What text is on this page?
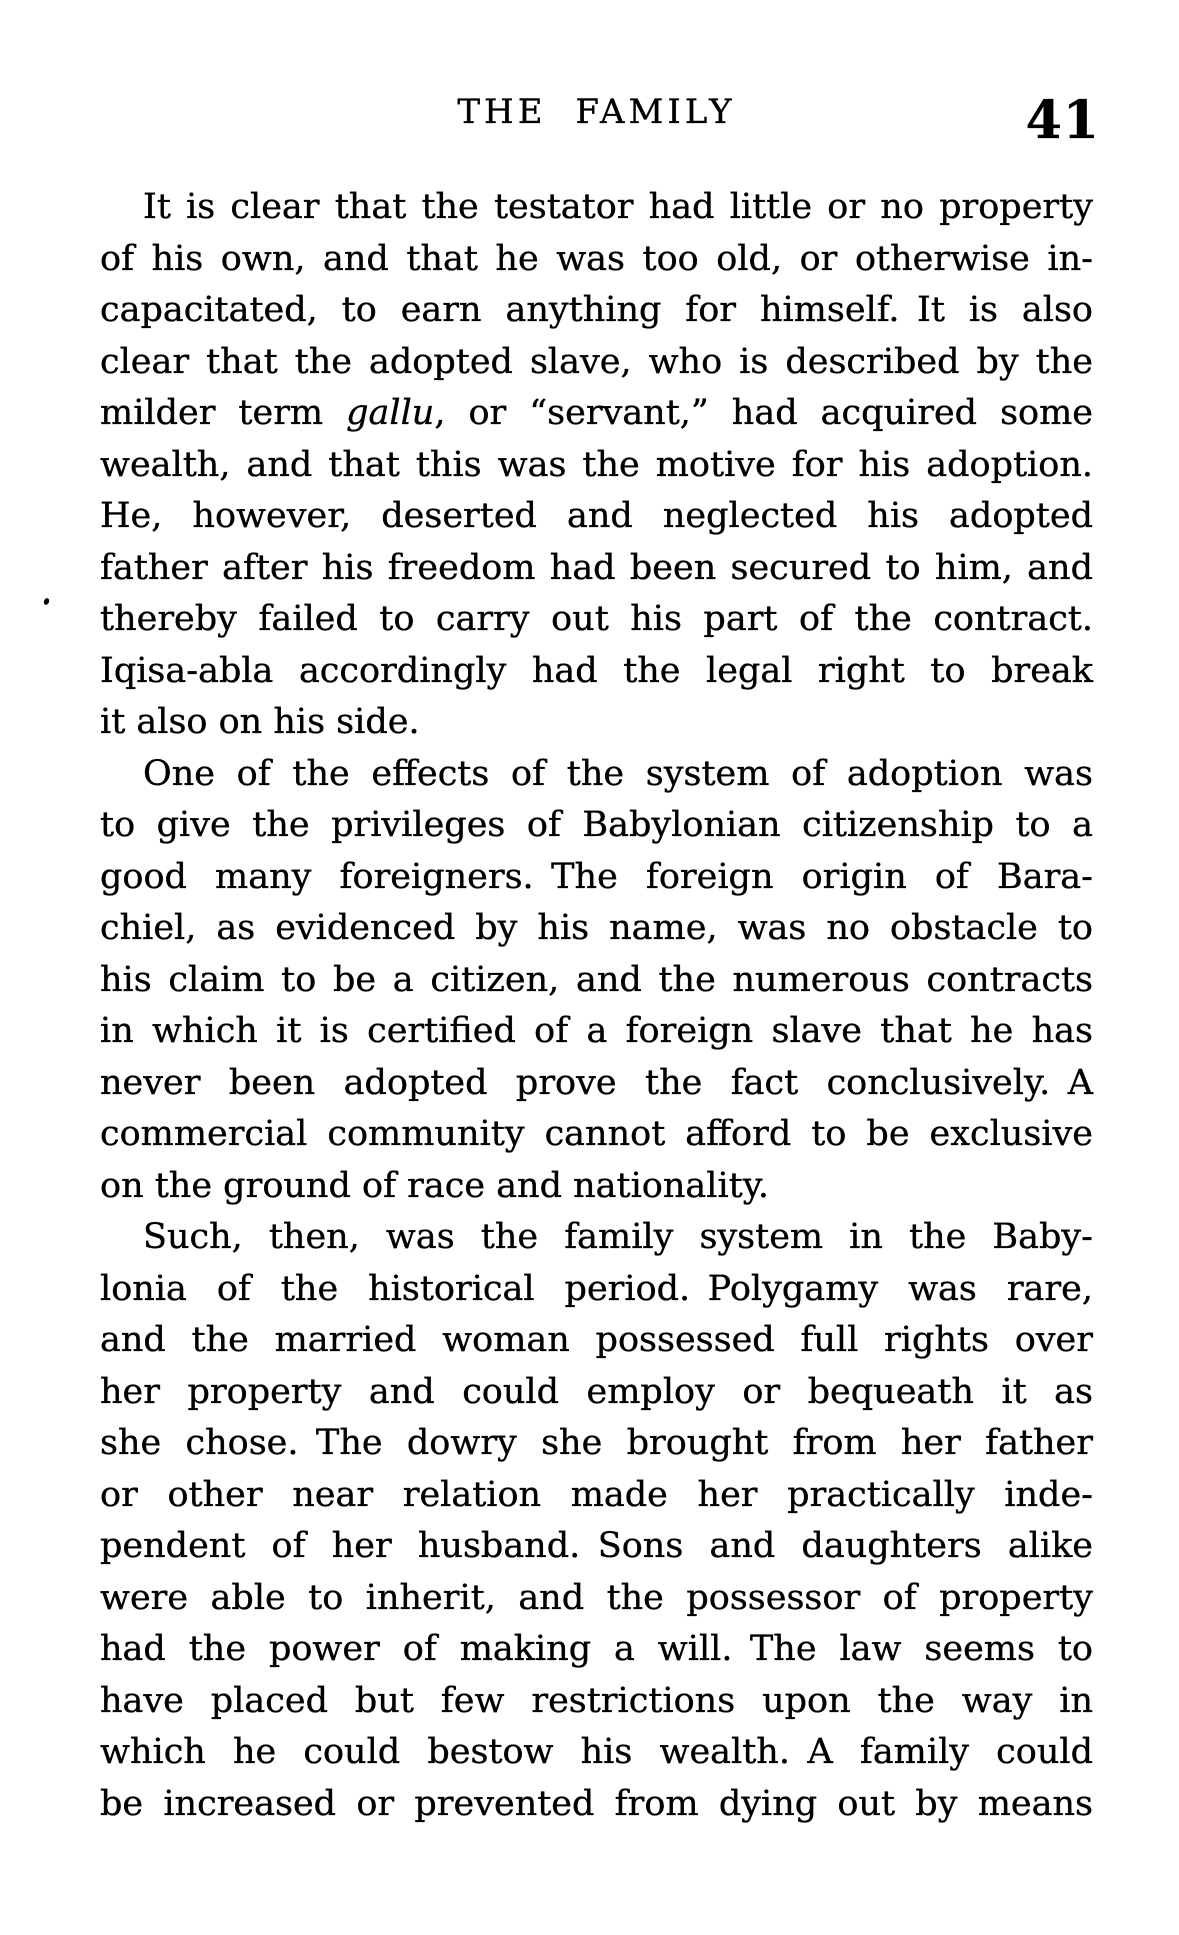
THE FAMILY	41
It is clear that the testator had little or no property
of his own, and that he was too old, or otherwise in-
capacitated, to earn anything for himself. It is also
clear that the adopted slave, who is described by the
milder term gallu, or “servant,” had acquired some
wealth, and that this was the motive for his adoption.
He, however, deserted and neglected his adopted
father after his freedom had been secured to him, and
thereby failed to carry out his part of the contract.
Iqisa-abla accordingly had the legal right to break
it also on his side.
One of the effects of the system of adoption was
to give the privileges of Babylonian citizenship to a
good many foreigners. The foreign origin of Bara-
chiel, as evidenced by his name, was no obstacle to
his claim to be a citizen, and the numerous contracts
in which it is certified of a foreign slave that he has
never been adopted prove the fact conclusively. A
commercial community cannot afford to be exclusive
on the ground of race and nationality.
Such, then, was the family system in the Baby-
lonia of the historical period. Polygamy was rare,
and the married woman possessed full rights over
her property and could employ or bequeath it as
she chose. The dowry she brought from her father
or other near relation made her practically inde-
pendent of her husband. Sons and daughters alike
were able to inherit, and the possessor of property
had the power of making a will. The law seems to
have placed but few restrictions upon the way in
which he could bestow his wealth. A family could
be increased or prevented from dying out by means
